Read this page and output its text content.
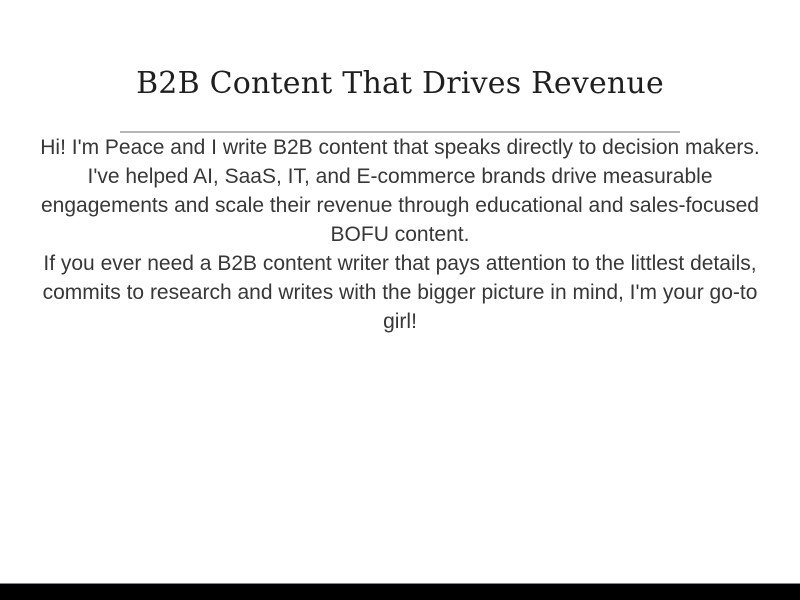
B2B Content That Drives Revenue

Hi! I'm Peace and I write B2B content that speaks directly to decision makers.

I've helped AI, SaaS, IT, and E-commerce brands drive measurable engagements and scale their revenue through educational and sales-focused BOFU content.

If you ever need a B2B content writer that pays attention to the littlest details, commits to research and writes with the bigger picture in mind, I'm your go-to girl!
